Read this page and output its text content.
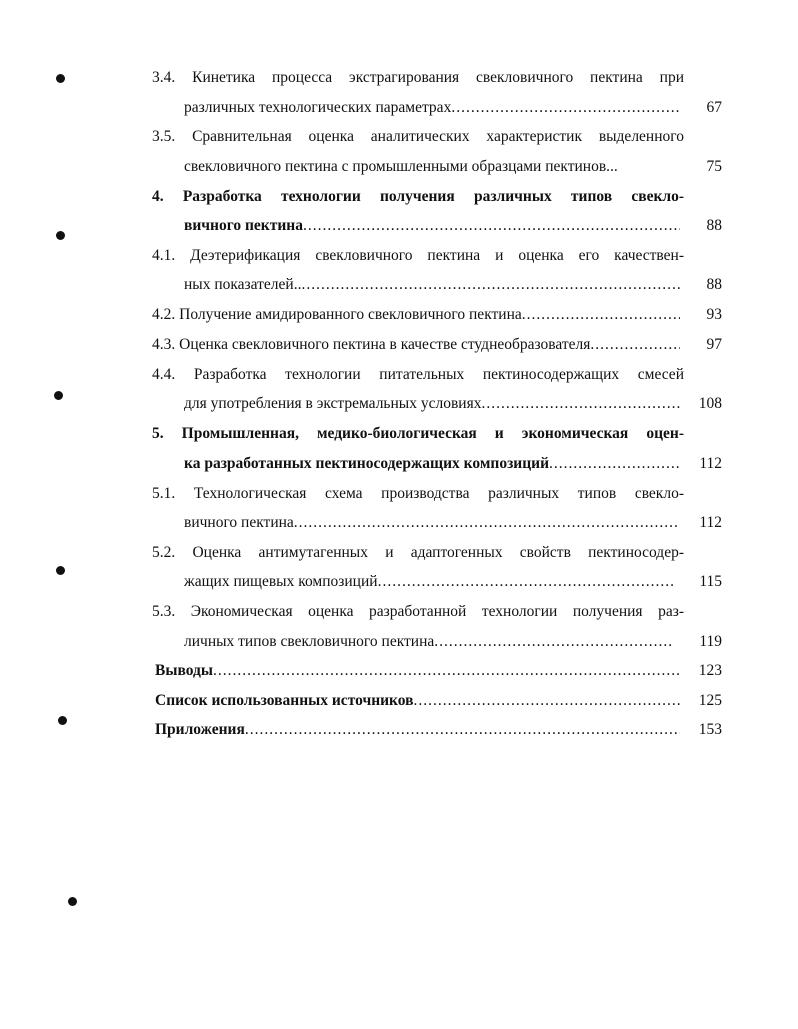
3.4. Кинетика процесса экстрагирования свекловичного пектина при
различных технологических параметрах .....	67
3.5. Сравнительная оценка аналитических характеристик выделенного
свекловичного пектина с промышленными образцами пектинов...	75
4. Разработка технологии получения различных типов свекло-
вичного пектина .....	88
4.1. Деэтерификация свекловичного пектина и оценка его качествен-
ных показателей.. .....	88
4.2. Получение амидированного свекловичного пектина .....	93
4.3. Оценка свекловичного пектина в качестве студнеобразователя .....	97
4.4. Разработка технологии питательных пектиносодержащих смесей
для употребления в экстремальных условиях .....	108
5. Промышленная, медико-биологическая и экономическая оцен-
ка разработанных пектиносодержащих композиций .....	112
5.1. Технологическая схема производства различных типов свекло-
вичного пектина .....	112
5.2. Оценка антимутагенных и адаптогенных свойств пектиносодер-
жащих пищевых композиций .....	115
5.3. Экономическая оценка разработанной технологии получения раз-
личных типов свекловичного пектина .....	119
Выводы .....	123
Список использованных источников .....	125
Приложения .....	153
